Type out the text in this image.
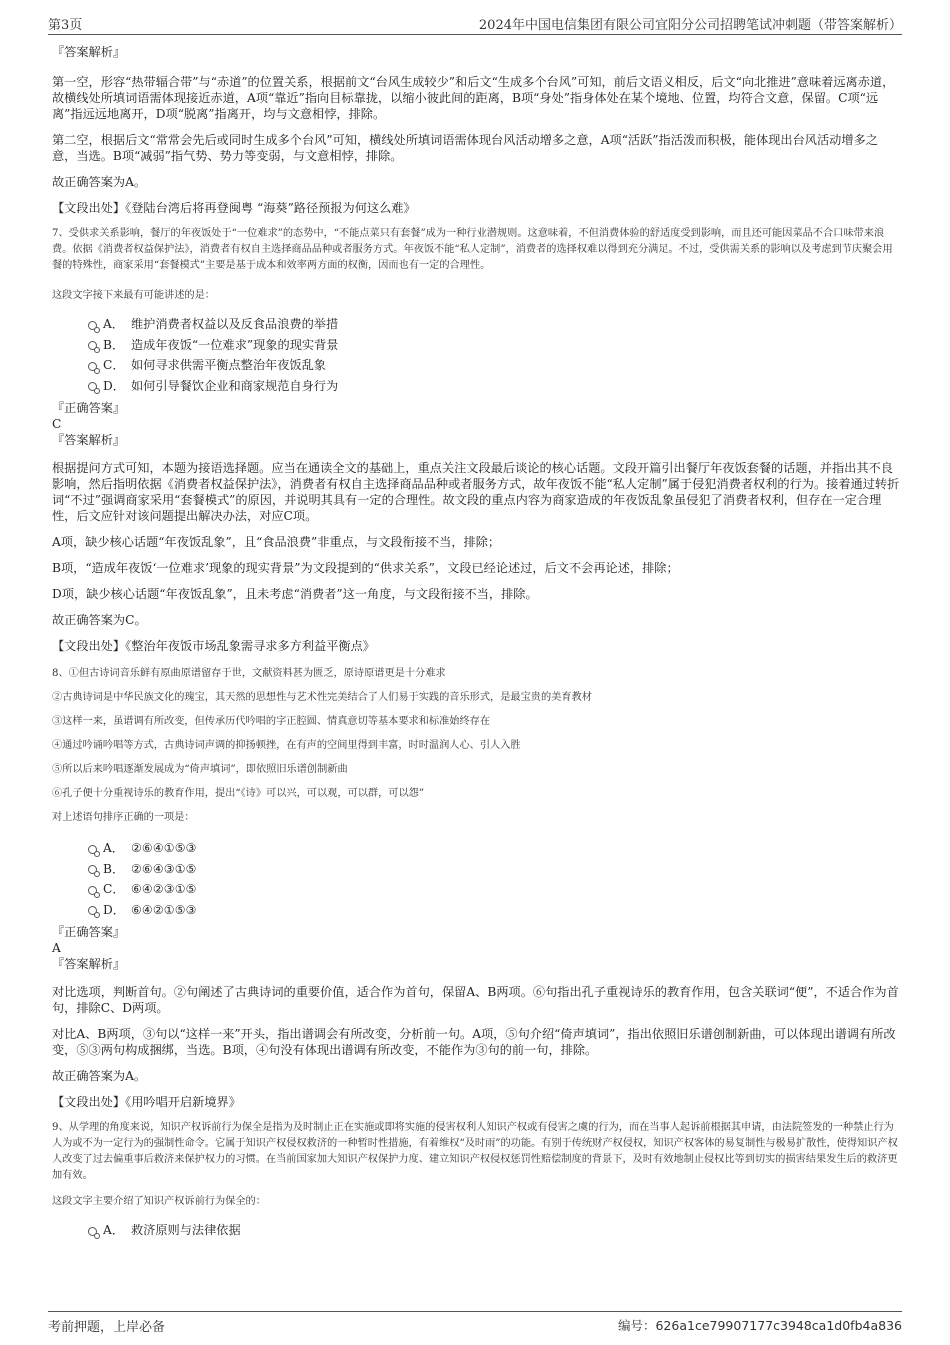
第3页	2024年中国电信集团有限公司宜阳分公司招聘笔试冲刺题（带答案解析）

『答案解析』

第一空，形容“热带辐合带”与“赤道”的位置关系，根据前文“台风生成较少”和后文“生成多个台风”可知，前后文语义相反，后文“向北推进”意味着远离赤道，故横线处所填词语需体现接近赤道，A项“靠近”指向目标靠拢，以缩小彼此间的距离，B项“身处”指身体处在某个境地、位置，均符合文意，保留。C项“远离”指远远地离开，D项“脱离”指离开，均与文意相悖，排除。

第二空，根据后文“常常会先后或同时生成多个台风”可知，横线处所填词语需体现台风活动增多之意，A项“活跃”指活泼而积极，能体现出台风活动增多之意，当选。B项“减弱”指气势、势力等变弱，与文意相悖，排除。

故正确答案为A。

【文段出处】《登陆台湾后将再登闽粤 “海葵”路径预报为何这么难》

7、受供求关系影响，餐厅的年夜饭处于“一位难求”的态势中，“不能点菜只有套餐”成为一种行业潜规则。这意味着，不但消费体验的舒适度受到影响，而且还可能因菜品不合口味带来浪费。依据《消费者权益保护法》，消费者有权自主选择商品品种或者服务方式。年夜饭不能“私人定制”，消费者的选择权难以得到充分满足。不过，受供需关系的影响以及考虑到节庆聚会用餐的特殊性，商家采用“套餐模式”主要是基于成本和效率两方面的权衡，因而也有一定的合理性。

这段文字接下来最有可能讲述的是：

A． 维护消费者权益以及反食品浪费的举措
B． 造成年夜饭“一位难求”现象的现实背景
C． 如何寻求供需平衡点整治年夜饭乱象
D． 如何引导餐饮企业和商家规范自身行为

『正确答案』

C

『答案解析』

根据提问方式可知，本题为接语选择题。应当在通读全文的基础上，重点关注文段最后谈论的核心话题。文段开篇引出餐厅年夜饭套餐的话题，并指出其不良影响，然后指明依据《消费者权益保护法》，消费者有权自主选择商品品种或者服务方式，故年夜饭不能“私人定制”属于侵犯消费者权利的行为。接着通过转折词“不过”强调商家采用“套餐模式”的原因，并说明其具有一定的合理性。故文段的重点内容为商家造成的年夜饭乱象虽侵犯了消费者权利，但存在一定合理性，后文应针对该问题提出解决办法，对应C项。

A项，缺少核心话题“年夜饭乱象”，且“食品浪费”非重点，与文段衔接不当，排除；

B项，“造成年夜饭‘一位难求’现象的现实背景”为文段提到的“供求关系”，文段已经论述过，后文不会再论述，排除；

D项，缺少核心话题“年夜饭乱象”，且未考虑“消费者”这一角度，与文段衔接不当，排除。

故正确答案为C。

【文段出处】《整治年夜饭市场乱象需寻求多方利益平衡点》

8、①但古诗词音乐鲜有原曲原谱留存于世，文献资料甚为匮乏，原诗原谱更是十分难求

②古典诗词是中华民族文化的瑰宝，其天然的思想性与艺术性完美结合了人们易于实践的音乐形式，是最宝贵的美育教材

③这样一来，虽谱调有所改变，但传承历代吟唱的字正腔圆、情真意切等基本要求和标准始终存在

④通过吟诵吟唱等方式，古典诗词声调的抑扬顿挫，在有声的空间里得到丰富，时时温润人心、引人入胜

⑤所以后来吟唱逐渐发展成为“倚声填词”，即依照旧乐谱创制新曲

⑥孔子便十分重视诗乐的教育作用，提出“《诗》可以兴，可以观，可以群，可以怨”

对上述语句排序正确的一项是：

A． ②⑥④①⑤③
B． ②⑥④③①⑤
C． ⑥④②③①⑤
D． ⑥④②①⑤③

『正确答案』

A

『答案解析』

对比选项，判断首句。②句阐述了古典诗词的重要价值，适合作为首句，保留A、B两项。⑥句指出孔子重视诗乐的教育作用，包含关联词“便”，不适合作为首句，排除C、D两项。

对比A、B两项，③句以“这样一来”开头，指出谱调会有所改变，分析前一句。A项，⑤句介绍“倚声填词”，指出依照旧乐谱创制新曲，可以体现出谱调有所改变，⑤③两句构成捆绑，当选。B项，④句没有体现出谱调有所改变，不能作为③句的前一句，排除。

故正确答案为A。

【文段出处】《用吟唱开启新境界》

9、从学理的角度来说，知识产权诉前行为保全是指为及时制止正在实施或即将实施的侵害权利人知识产权或有侵害之虞的行为，而在当事人起诉前根据其申请，由法院签发的一种禁止行为人为或不为一定行为的强制性命令。它属于知识产权侵权救济的一种暂时性措施，有着维权“及时雨”的功能。有别于传统财产权侵权，知识产权客体的易复制性与极易扩散性，使得知识产权人改变了过去偏重事后救济来保护权力的习惯。在当前国家加大知识产权保护力度、建立知识产权侵权惩罚性赔偿制度的背景下，及时有效地制止侵权比等到切实的损害结果发生后的救济更加有效。

这段文字主要介绍了知识产权诉前行为保全的：

A． 救济原则与法律依据
考前押题，上岸必备	编号：626a1ce79907177c3948ca1d0fb4a836
